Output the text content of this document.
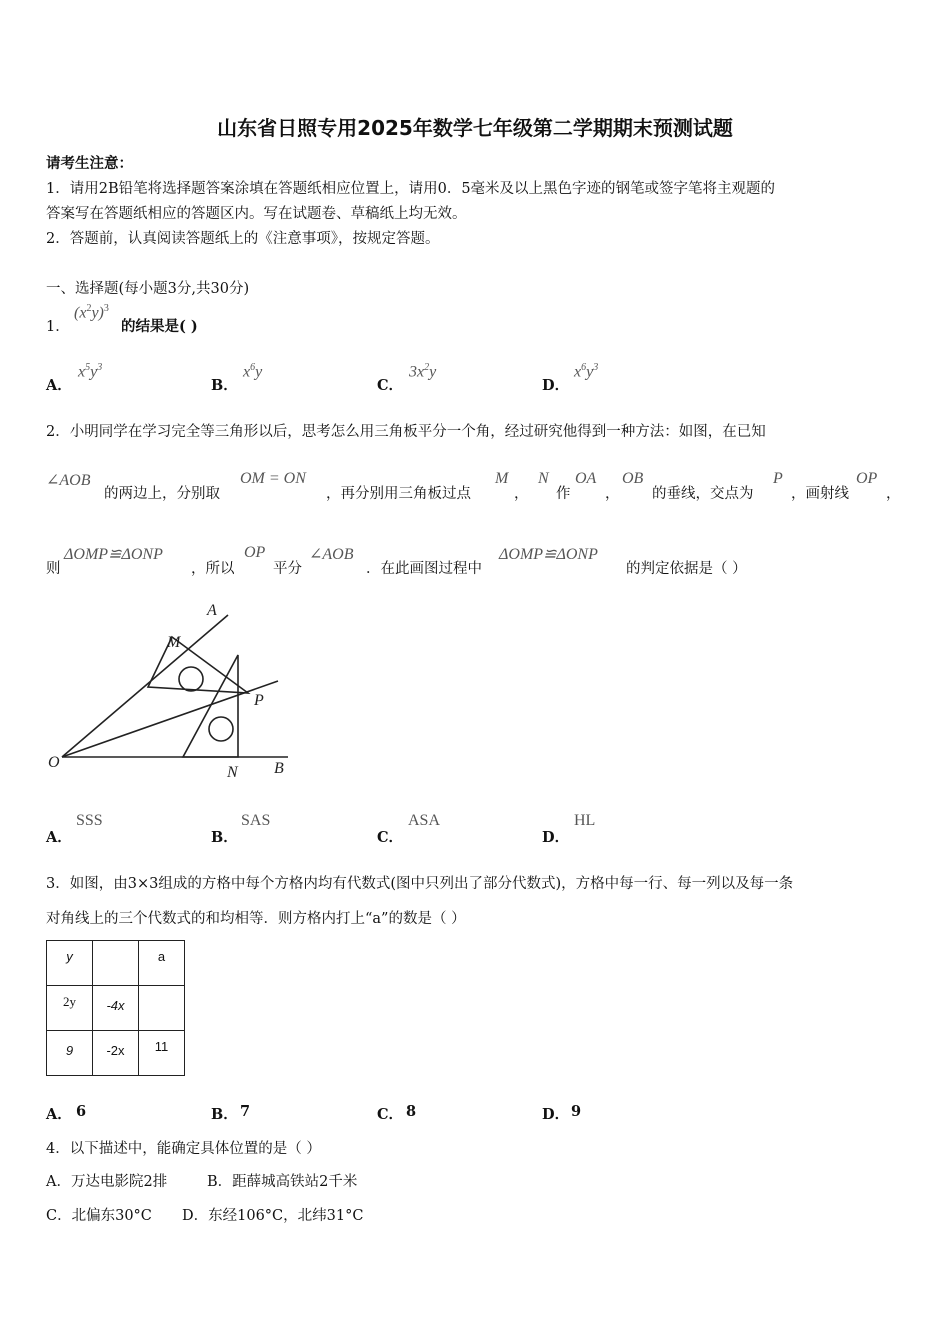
山东省日照专用2025年数学七年级第二学期期末预测试题
请考生注意：
1．请用2B铅笔将选择题答案涂填在答题纸相应位置上，请用0．5毫米及以上黑色字迹的钢笔或签字笔将主观题的
答案写在答题纸相应的答题区内。写在试题卷、草稿纸上均无效。
2．答题前，认真阅读答题纸上的《注意事项》，按规定答题。
一、选择题(每小题3分,共30分)
1．
$(x^2y)^3$
的结果是( )
A．
$x^5y^3$
B．
$x^6y$
C．
$3x^2y$
D．
$x^6y^3$
2．小明同学在学习完全等三角形以后，思考怎么用三角板平分一个角，经过研究他得到一种方法：如图，在已知
∠AOB
的两边上，分别取
OM = ON
，再分别用三角板过点
M
，
N
作
OA
，
OB
的垂线，交点为
P
，画射线
OP
，
则
ΔOMP≌ΔONP
，所以
OP
平分
∠AOB
．在此画图过程中
ΔOMP≌ΔONP
的判定依据是（ ）
A
M
P
O
N B
A．
SSS
B．
SAS
C．
ASA
D．
HL
3．如图，由3×3组成的方格中每个方格内均有代数式(图中只列出了部分代数式)，方格中每一行、每一列以及每一条
对角线上的三个代数式的和均相等．则方格内打上“a”的数是（ ）
y		a
2y	-4x	
9	-2x	11
A． 6	B． 7	C． 8	D． 9
4．以下描述中，能确定具体位置的是（ ）
A．万达电影院2排	B．距薛城高铁站2千米
C．北偏东30°C D．东经106°C，北纬31°C
